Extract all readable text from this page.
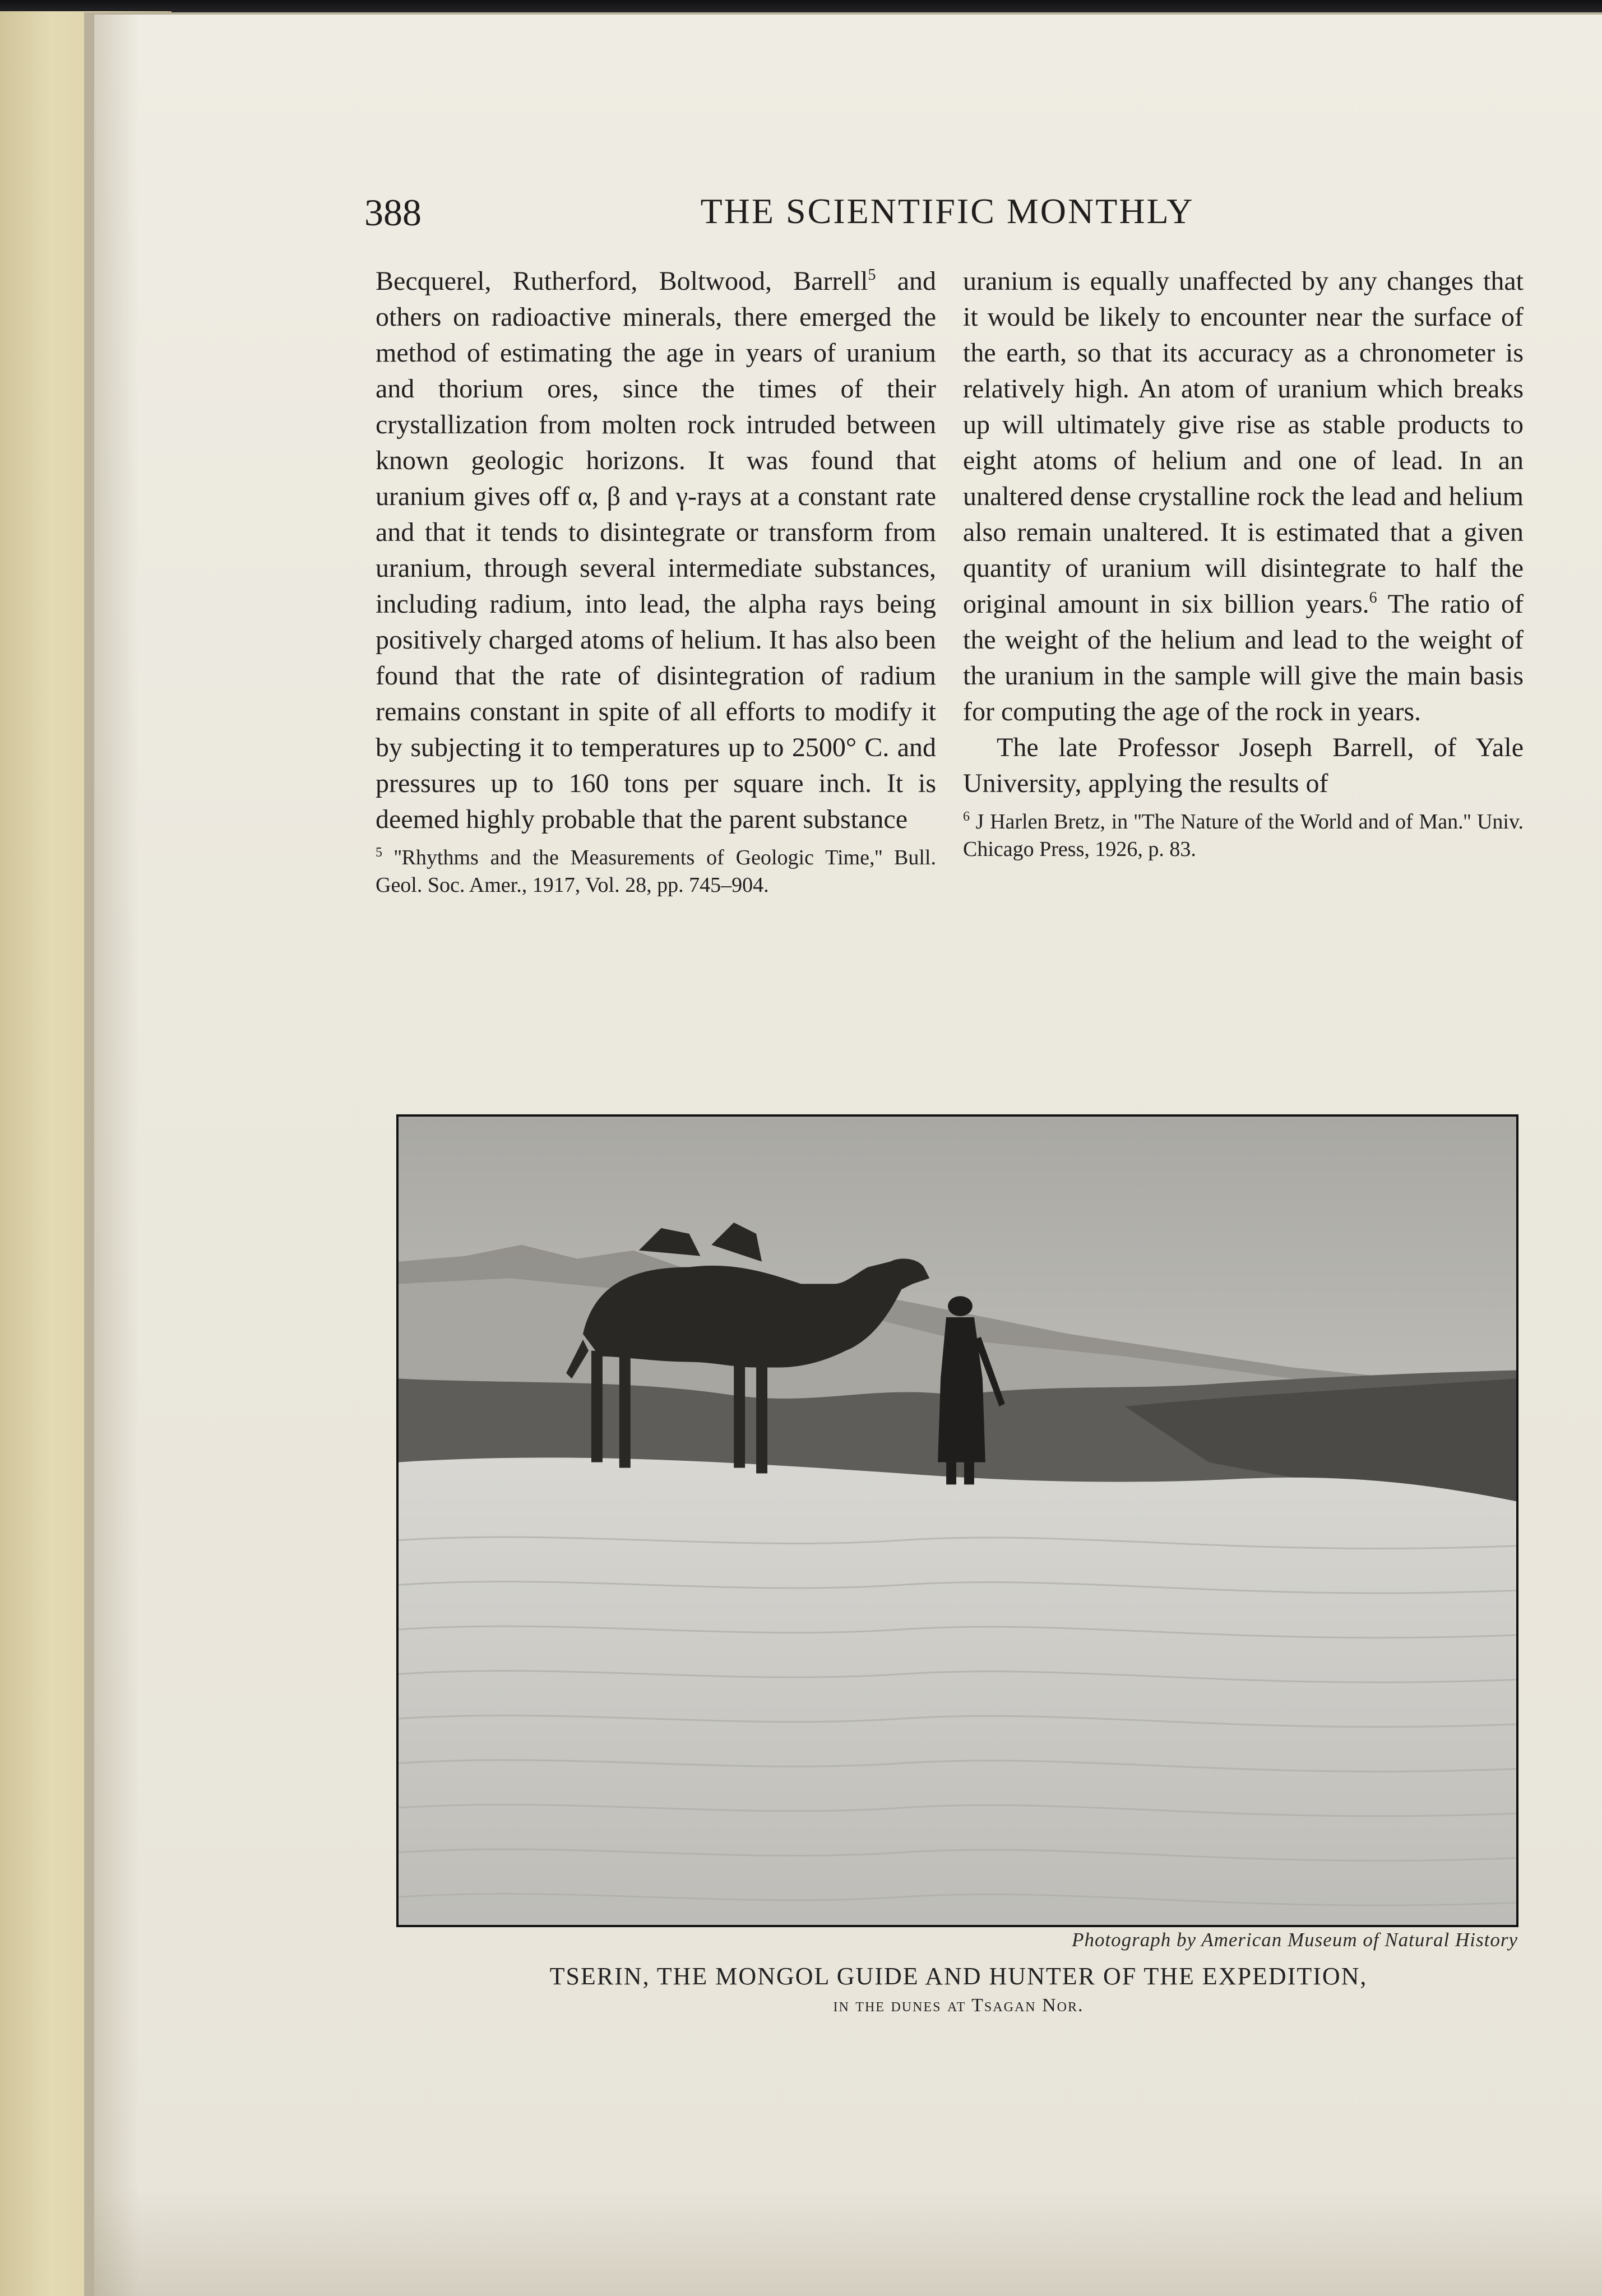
388	THE SCIENTIFIC MONTHLY

Becquerel, Rutherford, Boltwood, Barrell$^5$ and others on radioactive minerals, there emerged the method of estimating the age in years of uranium and thorium ores, since the times of their crystallization from molten rock intruded between known geologic horizons. It was found that uranium gives off α, β and γ-rays at a constant rate and that it tends to disintegrate or transform from uranium, through several intermediate substances, including radium, into lead, the alpha rays being positively charged atoms of helium. It has also been found that the rate of disintegration of radium remains constant in spite of all efforts to modify it by subjecting it to temperatures up to 2500° C. and pressures up to 160 tons per square inch. It is deemed highly probable that the parent substance

$^5$ ''Rhythms and the Measurements of Geologic Time,'' Bull. Geol. Soc. Amer., 1917, Vol. 28, pp. 745–904.

uranium is equally unaffected by any changes that it would be likely to encounter near the surface of the earth, so that its accuracy as a chronometer is relatively high. An atom of uranium which breaks up will ultimately give rise as stable products to eight atoms of helium and one of lead. In an unaltered dense crystalline rock the lead and helium also remain unaltered. It is estimated that a given quantity of uranium will disintegrate to half the original amount in six billion years.$^6$ The ratio of the weight of the helium and lead to the weight of the uranium in the sample will give the main basis for computing the age of the rock in years.

The late Professor Joseph Barrell, of Yale University, applying the results of

$^6$ J Harlen Bretz, in ''The Nature of the World and of Man.'' Univ. Chicago Press, 1926, p. 83.
Photograph by American Museum of Natural History
TSERIN, THE MONGOL GUIDE AND HUNTER OF THE EXPEDITION,
in the dunes at Tsagan Nor.
